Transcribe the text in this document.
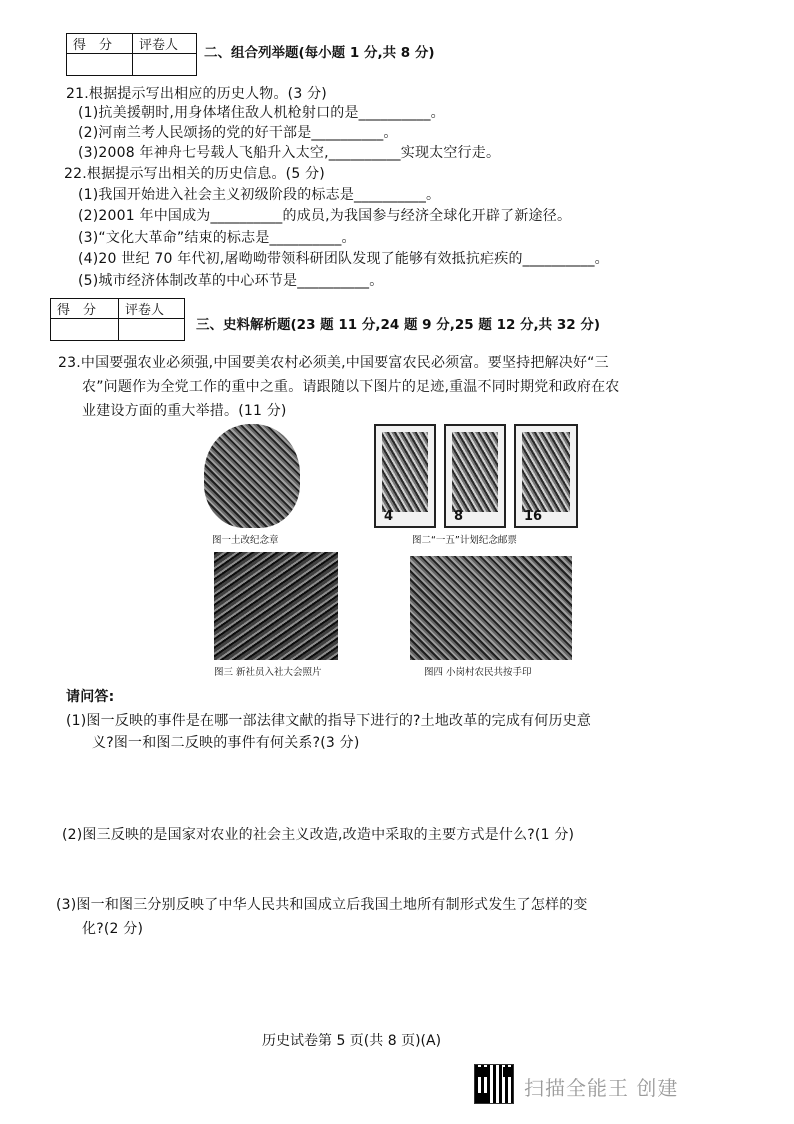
得　分	评卷人
	二、组合列举题(每小题 1 分,共 8 分)
21.根据提示写出相应的历史人物。(3 分)
(1)抗美援朝时,用身体堵住敌人机枪射口的是__________。
(2)河南兰考人民颂扬的党的好干部是__________。
(3)2008 年神舟七号载人飞船升入太空,__________实现太空行走。
22.根据提示写出相关的历史信息。(5 分)
(1)我国开始进入社会主义初级阶段的标志是__________。
(2)2001 年中国成为__________的成员,为我国参与经济全球化开辟了新途径。
(3)“文化大革命”结束的标志是__________。
(4)20 世纪 70 年代初,屠呦呦带领科研团队发现了能够有效抵抗疟疾的__________。
(5)城市经济体制改革的中心环节是__________。
得　分	评卷人

三、史料解析题(23 题 11 分,24 题 9 分,25 题 12 分,共 32 分)
23.中国要强农业必须强,中国要美农村必须美,中国要富农民必须富。要坚持把解决好“三
农”问题作为全党工作的重中之重。请跟随以下图片的足迹,重温不同时期党和政府在农
业建设方面的重大举措。(11 分)
图一土改纪念章
4	8	16
图二“一五”计划纪念邮票
图三 新社员入社大会照片	图四 小岗村农民共按手印
请问答:
(1)图一反映的事件是在哪一部法律文献的指导下进行的?土地改革的完成有何历史意
义?图一和图二反映的事件有何关系?(3 分)
(2)图三反映的是国家对农业的社会主义改造,改造中采取的主要方式是什么?(1 分)
(3)图一和图三分别反映了中华人民共和国成立后我国土地所有制形式发生了怎样的变
化?(2 分)
历史试卷第 5 页(共 8 页)(A)
扫描全能王 创建
